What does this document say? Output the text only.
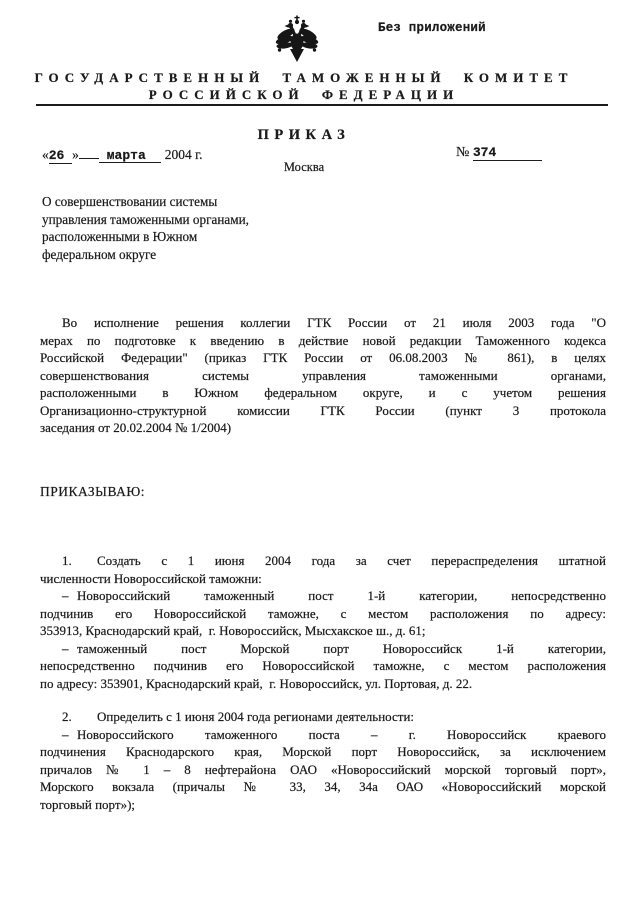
Без приложений
ГОСУДАРСТВЕННЫЙ ТАМОЖЕННЫЙ КОМИТЕТ
РОССИЙСКОЙ ФЕДЕРАЦИИ
ПРИКАЗ
«26 » марта 2004 г.	№ 374
Москва
О совершенствовании системы
управления таможенными органами,
расположенными в Южном
федеральном округе
Во исполнение решения коллегии ГТК России от 21 июля 2003 года "О
мерах по подготовке к введению в действие новой редакции Таможенного кодекса
Российской Федерации" (приказ ГТК России от 06.08.2003 № 861), в целях
совершенствования системы управления таможенными органами,
расположенными в Южном федеральном округе, и с учетом решения
Организационно-структурной комиссии ГТК России (пункт 3 протокола
заседания от 20.02.2004 № 1/2004)
ПРИКАЗЫВАЮ:
1. Создать с 1 июня 2004 года за счет перераспределения штатной
численности Новороссийской таможни:
– Новороссийский таможенный пост 1-й категории, непосредственно
подчинив его Новороссийской таможне, с местом расположения по адресу:
353913, Краснодарский край,  г. Новороссийск, Мысхакское ш., д. 61;
– таможенный пост Морской порт Новороссийск 1-й категории,
непосредственно подчинив его Новороссийской таможне, с местом расположения
по адресу: 353901, Краснодарский край,  г. Новороссийск, ул. Портовая, д. 22.
2. Определить с 1 июня 2004 года регионами деятельности:
– Новороссийского таможенного поста – г. Новороссийск краевого
подчинения Краснодарского края, Морской порт Новороссийск, за исключением
причалов № 1 – 8 нефтерайона ОАО «Новороссийский морской торговый порт»,
Морского вокзала (причалы № 33, 34, 34а ОАО «Новороссийский морской
торговый порт»);
